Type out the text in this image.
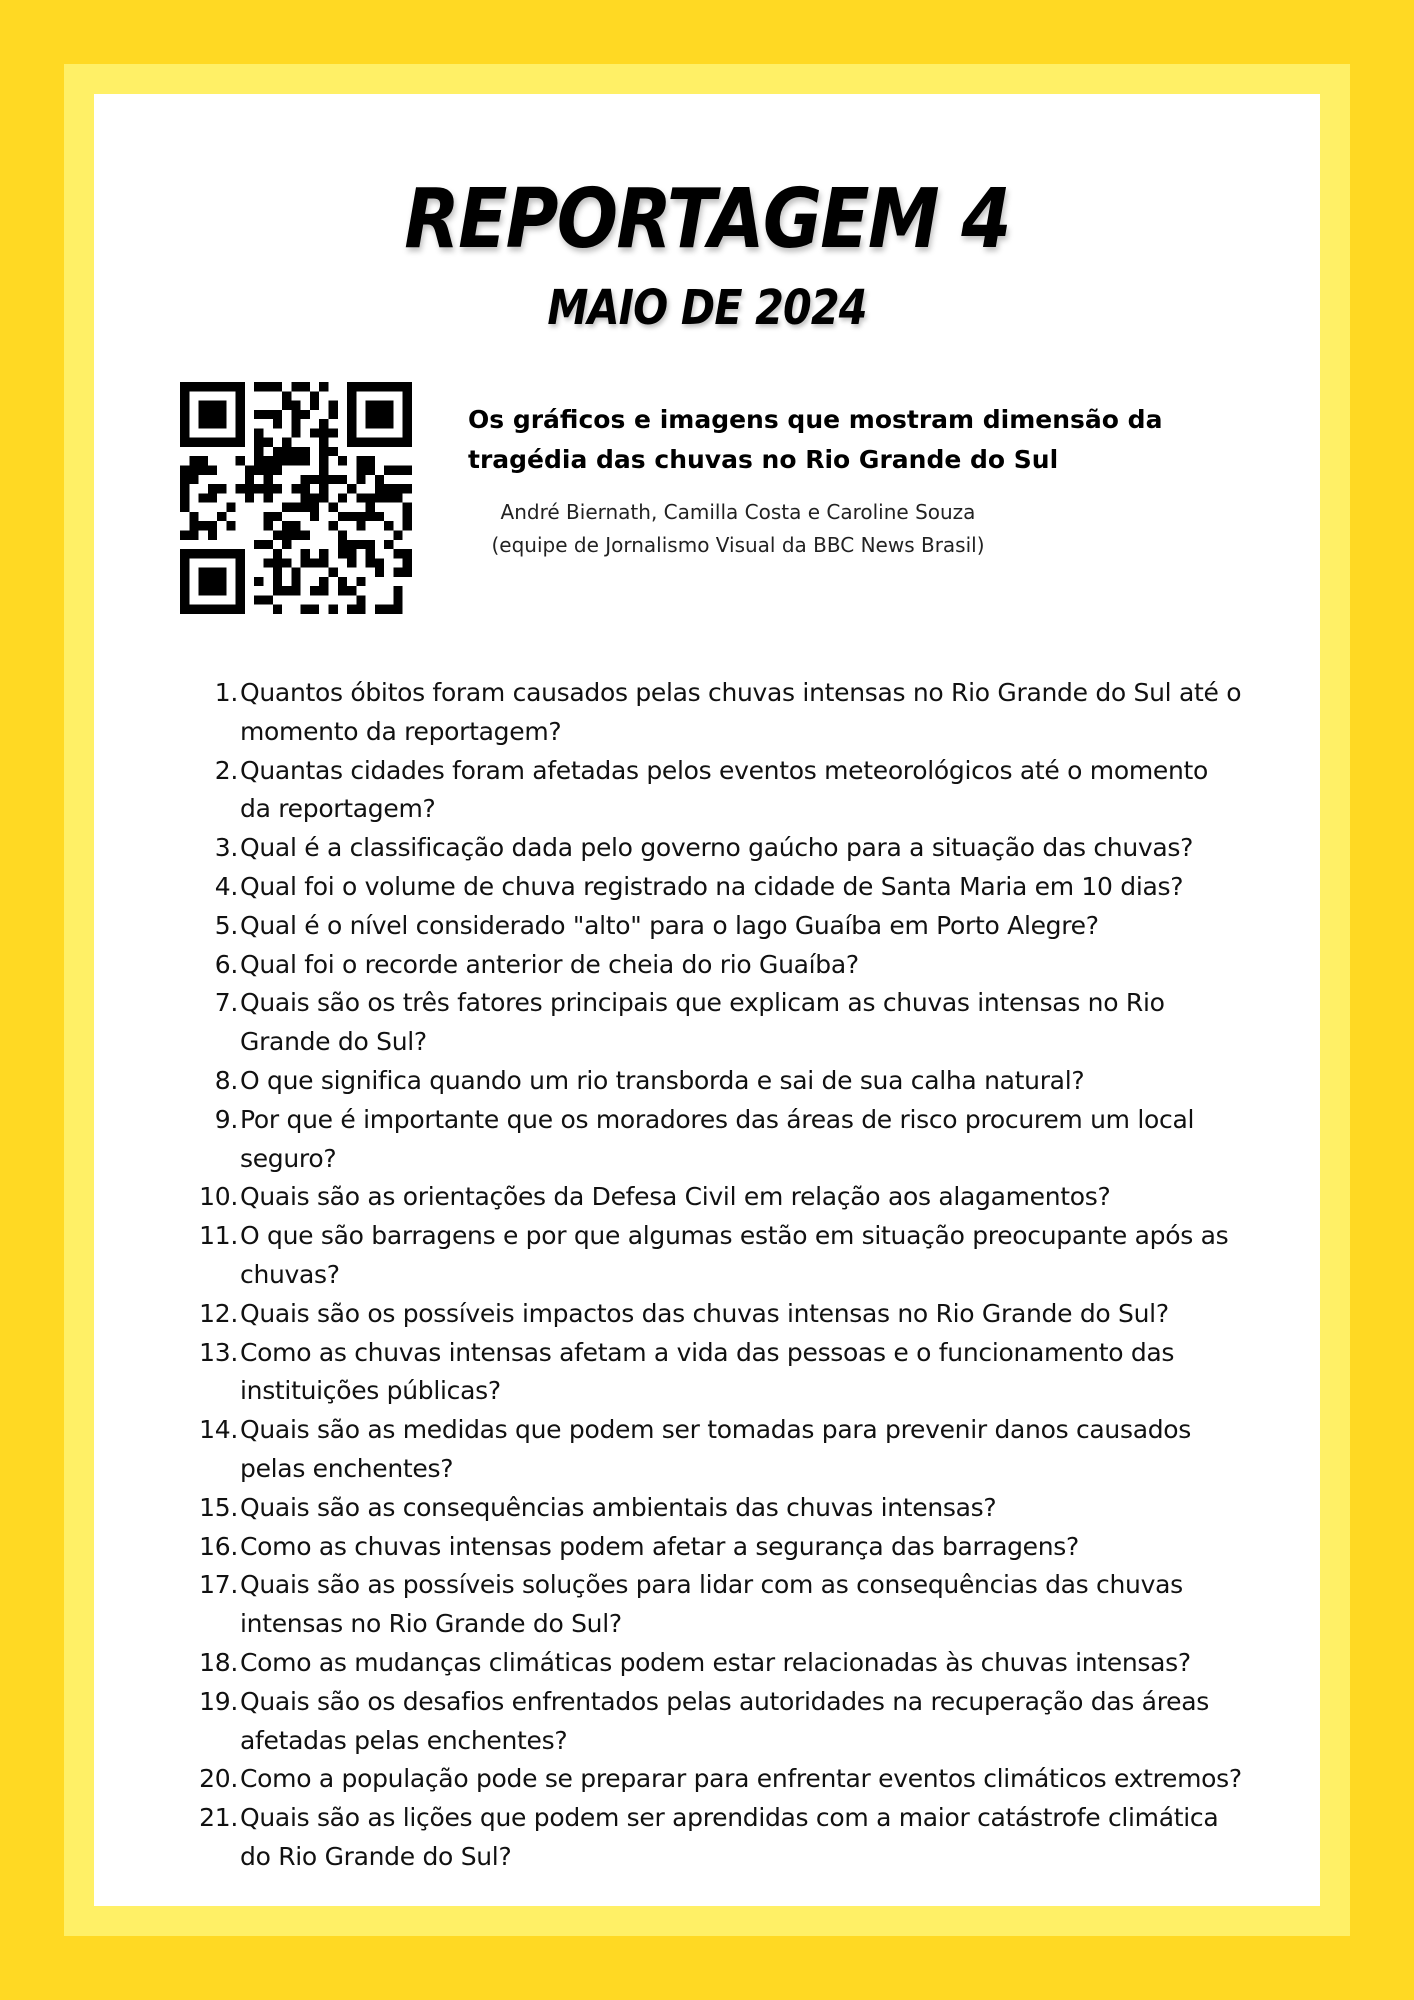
REPORTAGEM 4
MAIO DE 2024

Os gráficos e imagens que mostram dimensão da tragédia das chuvas no Rio Grande do Sul

André Biernath, Camilla Costa e Caroline Souza
(equipe de Jornalismo Visual da BBC News Brasil)
1. Quantos óbitos foram causados pelas chuvas intensas no Rio Grande do Sul até o momento da reportagem?
2. Quantas cidades foram afetadas pelos eventos meteorológicos até o momento da reportagem?
3. Qual é a classificação dada pelo governo gaúcho para a situação das chuvas?
4. Qual foi o volume de chuva registrado na cidade de Santa Maria em 10 dias?
5. Qual é o nível considerado "alto" para o lago Guaíba em Porto Alegre?
6. Qual foi o recorde anterior de cheia do rio Guaíba?
7. Quais são os três fatores principais que explicam as chuvas intensas no Rio Grande do Sul?
8. O que significa quando um rio transborda e sai de sua calha natural?
9. Por que é importante que os moradores das áreas de risco procurem um local seguro?
10. Quais são as orientações da Defesa Civil em relação aos alagamentos?
11. O que são barragens e por que algumas estão em situação preocupante após as chuvas?
12. Quais são os possíveis impactos das chuvas intensas no Rio Grande do Sul?
13. Como as chuvas intensas afetam a vida das pessoas e o funcionamento das instituições públicas?
14. Quais são as medidas que podem ser tomadas para prevenir danos causados pelas enchentes?
15. Quais são as consequências ambientais das chuvas intensas?
16. Como as chuvas intensas podem afetar a segurança das barragens?
17. Quais são as possíveis soluções para lidar com as consequências das chuvas intensas no Rio Grande do Sul?
18. Como as mudanças climáticas podem estar relacionadas às chuvas intensas?
19. Quais são os desafios enfrentados pelas autoridades na recuperação das áreas afetadas pelas enchentes?
20. Como a população pode se preparar para enfrentar eventos climáticos extremos?
21. Quais são as lições que podem ser aprendidas com a maior catástrofe climática do Rio Grande do Sul?
